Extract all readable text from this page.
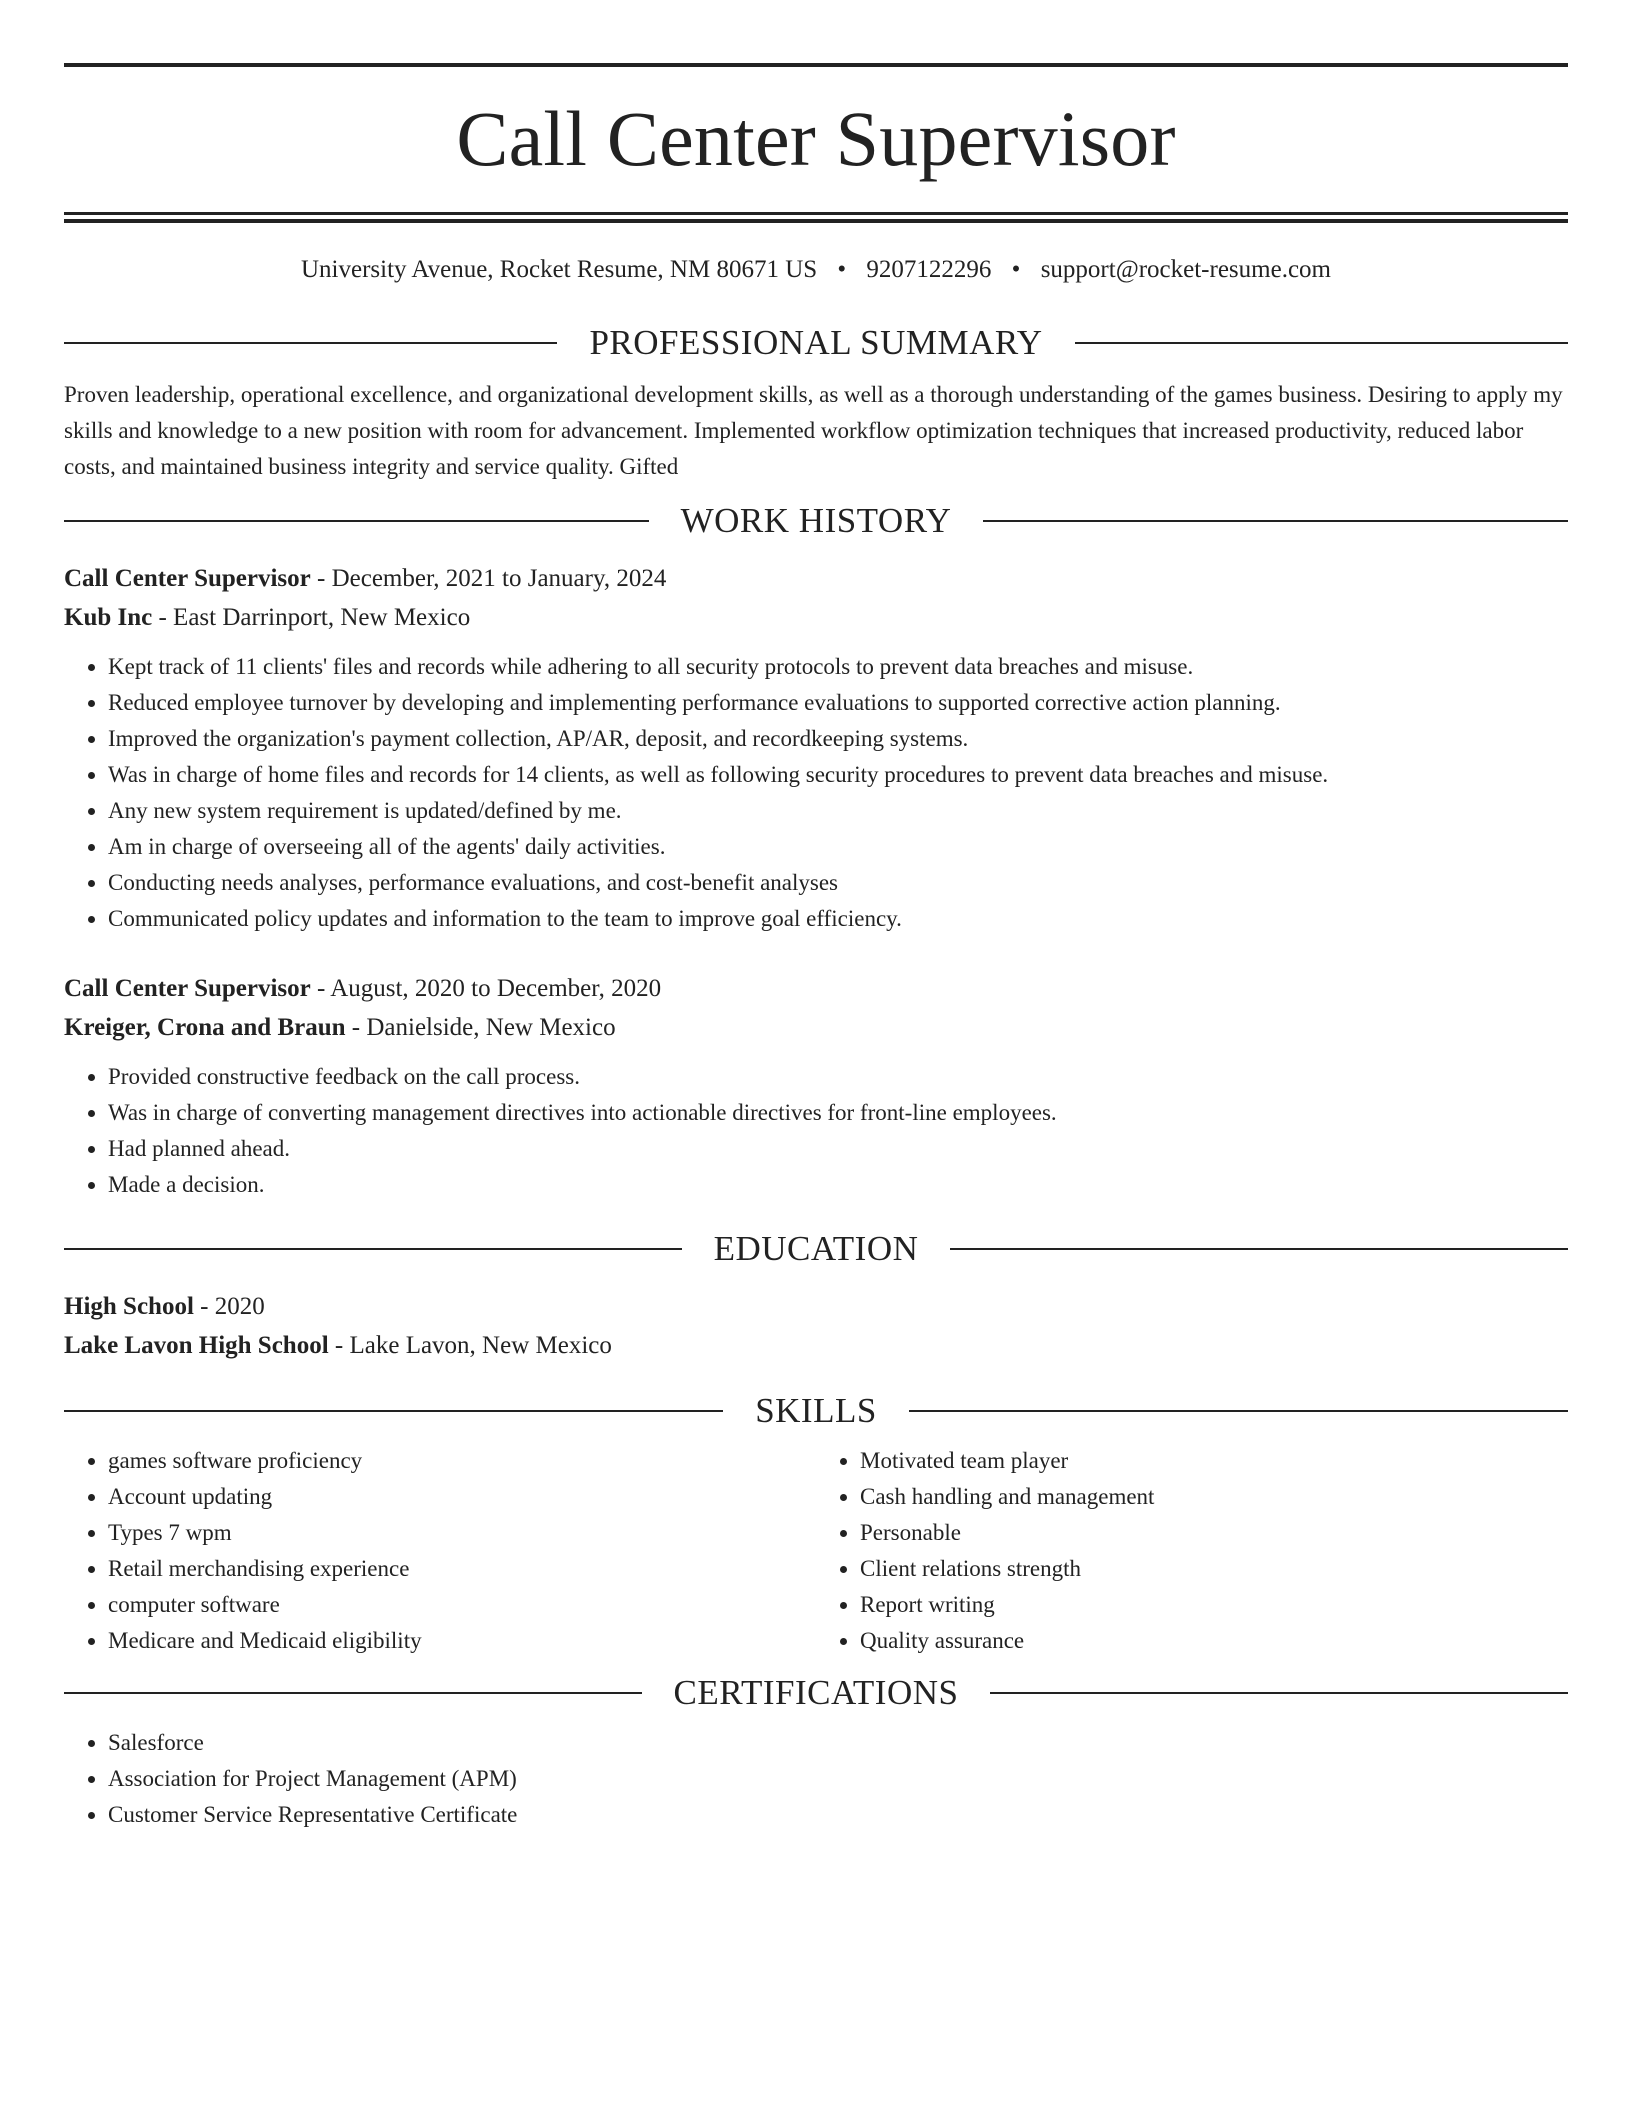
Call Center Supervisor
University Avenue, Rocket Resume, NM 80671 US • 9207122296 • support@rocket-resume.com
PROFESSIONAL SUMMARY
Proven leadership, operational excellence, and organizational development skills, as well as a thorough understanding of the games business. Desiring to apply my skills and knowledge to a new position with room for advancement. Implemented workflow optimization techniques that increased productivity, reduced labor costs, and maintained business integrity and service quality. Gifted
WORK HISTORY
Call Center Supervisor - December, 2021 to January, 2024
Kub Inc - East Darrinport, New Mexico
• Kept track of 11 clients' files and records while adhering to all security protocols to prevent data breaches and misuse.
• Reduced employee turnover by developing and implementing performance evaluations to supported corrective action planning.
• Improved the organization's payment collection, AP/AR, deposit, and recordkeeping systems.
• Was in charge of home files and records for 14 clients, as well as following security procedures to prevent data breaches and misuse.
• Any new system requirement is updated/defined by me.
• Am in charge of overseeing all of the agents' daily activities.
• Conducting needs analyses, performance evaluations, and cost-benefit analyses
• Communicated policy updates and information to the team to improve goal efficiency.
Call Center Supervisor - August, 2020 to December, 2020
Kreiger, Crona and Braun - Danielside, New Mexico
• Provided constructive feedback on the call process.
• Was in charge of converting management directives into actionable directives for front-line employees.
• Had planned ahead.
• Made a decision.
EDUCATION
High School - 2020
Lake Lavon High School - Lake Lavon, New Mexico
SKILLS
• games software proficiency
• Account updating
• Types 7 wpm
• Retail merchandising experience
• computer software
• Medicare and Medicaid eligibility
• Motivated team player
• Cash handling and management
• Personable
• Client relations strength
• Report writing
• Quality assurance
CERTIFICATIONS
• Salesforce
• Association for Project Management (APM)
• Customer Service Representative Certificate
